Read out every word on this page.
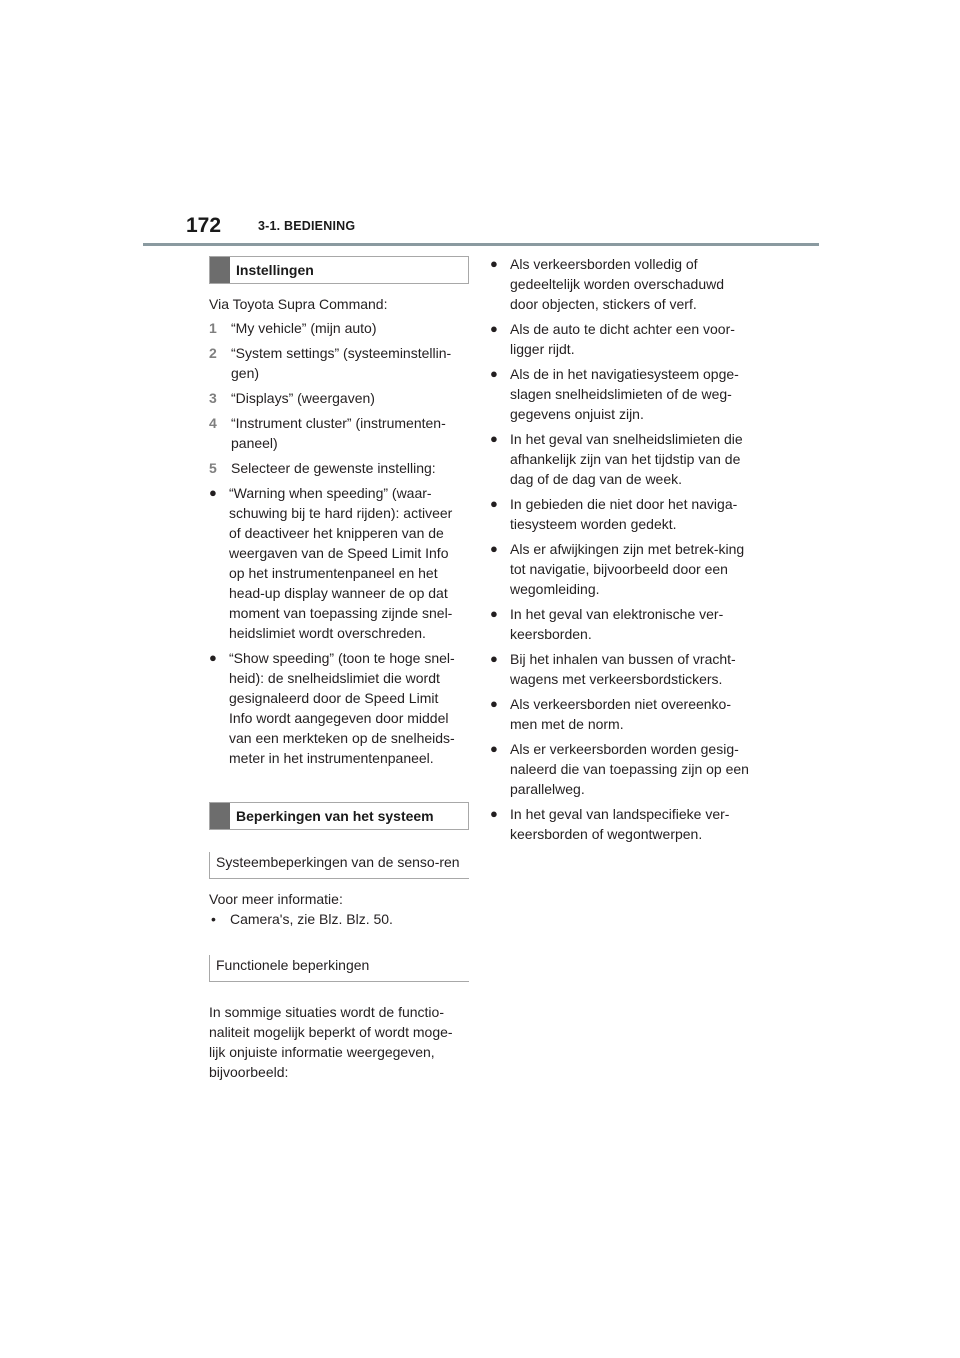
172	3-1. BEDIENING
Instellingen

Via Toyota Supra Command:

1	“My vehicle” (mijn auto)
2	“System settings” (systeeminstellin-gen)
3	“Displays” (weergaven)
4	“Instrument cluster” (instrumenten-paneel)
5	Selecteer de gewenste instelling:
● “Warning when speeding” (waar-schuwing bij te hard rijden): activeer of deactiveer het knipperen van de weergaven van de Speed Limit Info op het instrumentenpaneel en het head-up display wanneer de op dat moment van toepassing zijnde snel-heidslimiet wordt overschreden.
● “Show speeding” (toon te hoge snel-heid): de snelheidslimiet die wordt gesignaleerd door de Speed Limit Info wordt aangegeven door middel van een merkteken op de snelheids-meter in het instrumentenpaneel.
Beperkingen van het systeem
Systeembeperkingen van de senso-ren

Voor meer informatie:

•	Camera's, zie Blz. Blz. 50.
Functionele beperkingen

In sommige situaties wordt de functio-naliteit mogelijk beperkt of wordt moge-lijk onjuiste informatie weergegeven, bijvoorbeeld:

● Als verkeersborden volledig of gedeeltelijk worden overschaduwd door objecten, stickers of verf.
● Als de auto te dicht achter een voor-ligger rijdt.
● Als de in het navigatiesysteem opge-slagen snelheidslimieten of de weg-gegevens onjuist zijn.
● In het geval van snelheidslimieten die afhankelijk zijn van het tijdstip van de dag of de dag van de week.
● In gebieden die niet door het naviga-tiesysteem worden gedekt.
● Als er afwijkingen zijn met betrek-king tot navigatie, bijvoorbeeld door een wegomleiding.
● In het geval van elektronische ver-keersborden.
● Bij het inhalen van bussen of vracht-wagens met verkeersbordstickers.
● Als verkeersborden niet overeenko-men met de norm.
● Als er verkeersborden worden gesig-naleerd die van toepassing zijn op een parallelweg.
● In het geval van landspecifieke ver-keersborden of wegontwerpen.
